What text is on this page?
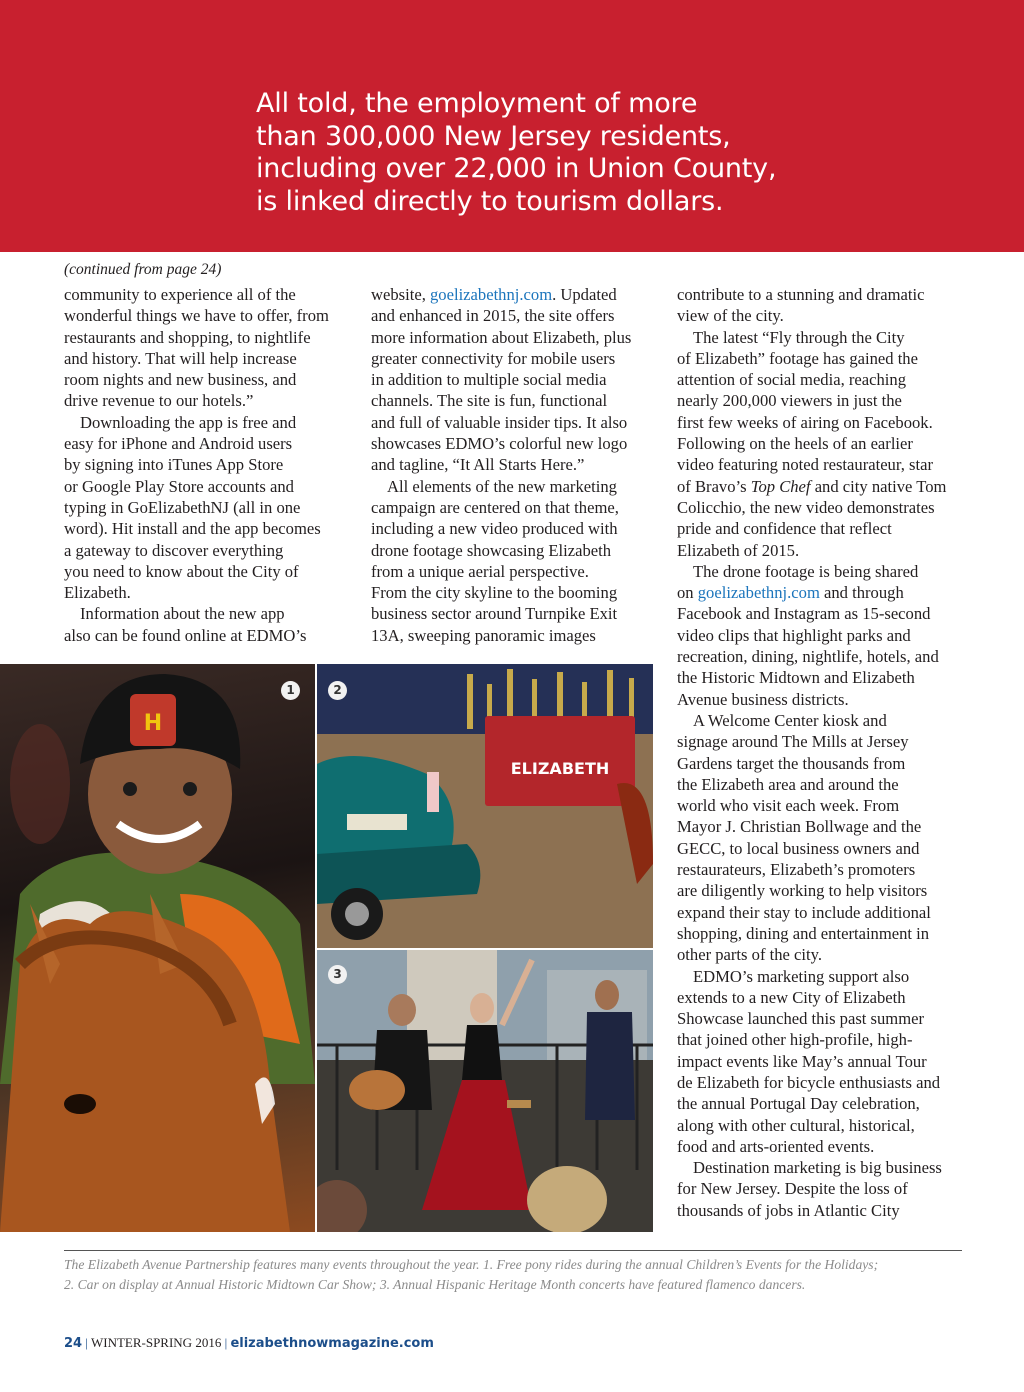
All told, the employment of more
than 300,000 New Jersey residents,
including over 22,000 in Union County,
is linked directly to tourism dollars.
(continued from page 24)
community to experience all of the
wonderful things we have to offer, from
restaurants and shopping, to nightlife
and history. That will help increase
room nights and new business, and
drive revenue to our hotels.”
Downloading the app is free and
easy for iPhone and Android users
by signing into iTunes App Store
or Google Play Store accounts and
typing in GoElizabethNJ (all in one
word). Hit install and the app becomes
a gateway to discover everything
you need to know about the City of
Elizabeth.
Information about the new app
also can be found online at EDMO’s
website, goelizabethnj.com. Updated
and enhanced in 2015, the site offers
more information about Elizabeth, plus
greater connectivity for mobile users
in addition to multiple social media
channels. The site is fun, functional
and full of valuable insider tips. It also
showcases EDMO’s colorful new logo
and tagline, “It All Starts Here.”
All elements of the new marketing
campaign are centered on that theme,
including a new video produced with
drone footage showcasing Elizabeth
from a unique aerial perspective.
From the city skyline to the booming
business sector around Turnpike Exit
13A, sweeping panoramic images
contribute to a stunning and dramatic
view of the city.
The latest “Fly through the City
of Elizabeth” footage has gained the
attention of social media, reaching
nearly 200,000 viewers in just the
first few weeks of airing on Facebook.
Following on the heels of an earlier
video featuring noted restaurateur, star
of Bravo’s Top Chef and city native Tom
Colicchio, the new video demonstrates
pride and confidence that reflect
Elizabeth of 2015.
The drone footage is being shared
on goelizabethnj.com and through
Facebook and Instagram as 15-second
video clips that highlight parks and
recreation, dining, nightlife, hotels, and
the Historic Midtown and Elizabeth
Avenue business districts.
A Welcome Center kiosk and
signage around The Mills at Jersey
Gardens target the thousands from
the Elizabeth area and around the
world who visit each week. From
Mayor J. Christian Bollwage and the
GECC, to local business owners and
restaurateurs, Elizabeth’s promoters
are diligently working to help visitors
expand their stay to include additional
shopping, dining and entertainment in
other parts of the city.
EDMO’s marketing support also
extends to a new City of Elizabeth
Showcase launched this past summer
that joined other high-profile, high-
impact events like May’s annual Tour
de Elizabeth for bicycle enthusiasts and
the annual Portugal Day celebration,
along with other cultural, historical,
food and arts-oriented events.
Destination marketing is big business
for New Jersey. Despite the loss of
thousands of jobs in Atlantic City
H
1
ELIZABETH
2
3
The Elizabeth Avenue Partnership features many events throughout the year. 1. Free pony rides during the annual Children’s Events for the Holidays;
2. Car on display at Annual Historic Midtown Car Show; 3. Annual Hispanic Heritage Month concerts have featured flamenco dancers.
24 | WINTER-SPRING 2016 | elizabethnowmagazine.com
